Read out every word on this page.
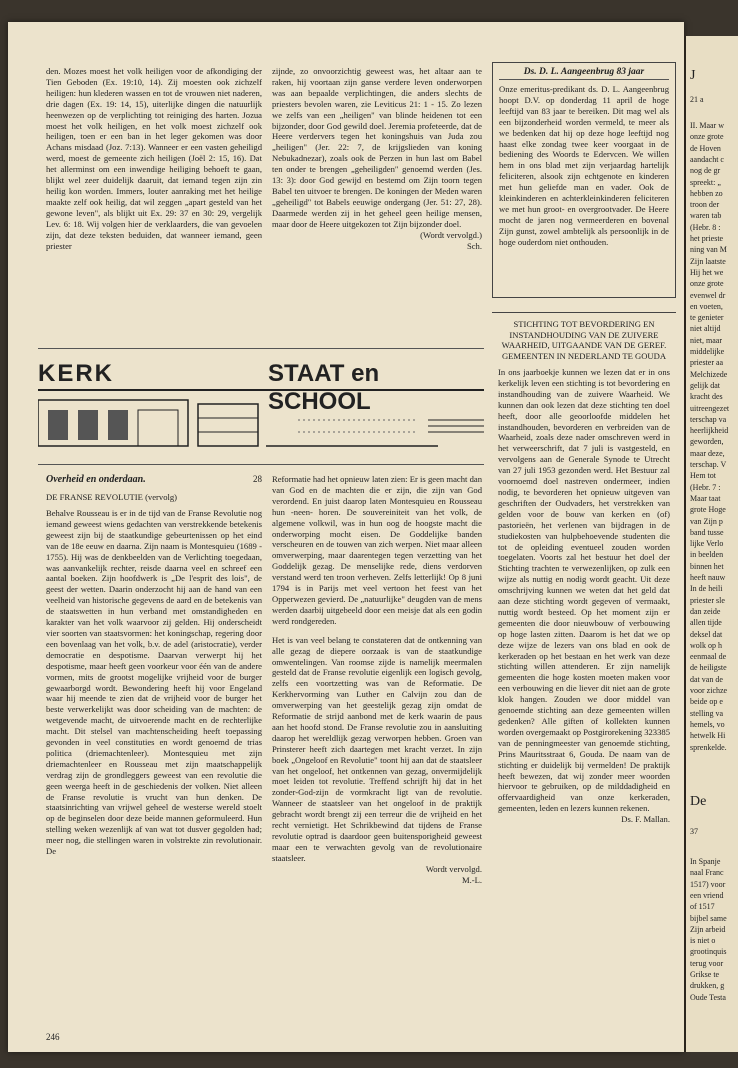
den. Mozes moest het volk heiligen voor de afkondiging der Tien Geboden (Ex. 19:10, 14). Zij moesten ook zichzelf heiligen: hun klederen wassen en tot de vrouwen niet naderen, drie dagen (Ex. 19: 14, 15), uiterlijke dingen die natuurlijk heenwezen op de verplichting tot reiniging des harten. Jozua moest het volk heiligen, en het volk moest zichzelf ook heiligen, toen er een ban in het leger gekomen was door Achans misdaad (Joz. 7:13). Wanneer er een vasten geheiligd werd, moest de gemeente zich heiligen (Joël 2: 15, 16). Dat het allerminst om een inwendige heiliging behoeft te gaan, blijkt wel zeer duidelijk daaruit, dat iemand tegen zijn zin heilig kon worden. Immers, louter aanraking met het heilige maakte zelf ook heilig, dat wil zeggen „apart gesteld van het gewone leven", als blijkt uit Ex. 29: 37 en 30: 29, vergelijk Lev. 6: 18. Wij volgen hier de verklaarders, die van gevoelen zijn, dat deze teksten beduiden, dat wanneer iemand, geen priester

zijnde, zo onvoorzichtig geweest was, het altaar aan te raken, hij voortaan zijn ganse verdere leven onderworpen was aan bepaalde verplichtingen, die anders slechts de priesters bevolen waren, zie Leviticus 21: 1 - 15. Zo lezen we zelfs van een „heiligen" van blinde heidenen tot een bijzonder, door God gewild doel. Jeremia profeteerde, dat de Heere verdervers tegen het koningshuis van Juda zou „heiligen" (Jer. 22: 7, de krijgslieden van koning Nebukadnezar), zoals ook de Perzen in hun last om Babel ten onder te brengen „geheiligden" genoemd werden (Jes. 13: 3): door God gewijd en bestemd om Zijn toorn tegen Babel ten uitvoer te brengen. De koningen der Meden waren „geheiligd" tot Babels eeuwige ondergang (Jer. 51: 27, 28). Daarmede werden zij in het geheel geen heilige mensen, maar door de Heere uitgekozen tot Zijn bijzonder doel.

(Wordt vervolgd.)

Sch.

Ds. D. L. Aangeenbrug 83 jaar
Onze emeritus-predikant ds. D. L. Aangeenbrug hoopt D.V. op donderdag 11 april de hoge leeftijd van 83 jaar te bereiken. Dit mag wel als een bijzonderheid worden vermeld, te meer als we bedenken dat hij op deze hoge leeftijd nog haast elke zondag twee keer voorgaat in de bediening des Woords te Edervcen. We willen hem in ons blad met zijn verjaardag hartelijk feliciteren, alsook zijn echtgenote en kinderen met hun geliefde man en vader. Ook de kleinkinderen en achterkleinkinderen feliciteren we met hun groot- en overgrootvader. De Heere mocht de jaren nog vermeerderen en bovenal Zijn gunst, zowel ambtelijk als persoonlijk in de hoge ouderdom niet onthouden.
KERK	STAAT en SCHOOL
Overheid en onderdaan.	28
DE FRANSE REVOLUTIE (vervolg)
Behalve Rousseau is er in de tijd van de Franse Revolutie nog iemand geweest wiens gedachten van verstrekkende betekenis geweest zijn bij de staatkundige gebeurtenissen op het eind van de 18e eeuw en daarna. Zijn naam is Montesquieu (1689 - 1755). Hij was de denkbeelden van de Verlichting toegedaan, was aanvankelijk rechter, reisde daarna veel en schreef een aantal boeken. Zijn hoofdwerk is „De l'esprit des lois", de geest der wetten. Daarin onderzocht hij aan de hand van een veelheid van historische gegevens de aard en de betekenis van de staatswetten in hun verband met omstandigheden en karakter van het volk waarvoor zij gelden. Hij onderscheidt vier soorten van staatsvormen: het koningschap, regering door een bovenlaag van het volk, b.v. de adel (aristocratie), verder democratie en despotisme. Daarvan verwerpt hij het despotisme, maar heeft geen voorkeur voor één van de andere vormen, mits de grootst mogelijke vrijheid voor de burger gewaarborgd wordt. Bewondering heeft hij voor Engeland waar hij meende te zien dat de vrijheid voor de burger het beste verwerkelijkt was door scheiding van de machten: de wetgevende macht, de uitvoerende macht en de rechterlijke macht. Dit stelsel van machtenscheiding heeft toepassing gevonden in veel constituties en wordt genoemd de trias politica (driemachtenleer). Montesquieu met zijn driemachtenleer en Rousseau met zijn maatschappelijk verdrag zijn de grondleggers geweest van een revolutie die geen weerga heeft in de geschiedenis der volken. Niet alleen de Franse revolutie is vrucht van hun denken. De staatsinrichting van vrijwel geheel de westerse wereld stoelt op de beginselen door deze beide mannen geformuleerd. Hun stelling weken wezenlijk af van wat tot dusver gegolden had; meer nog, die stellingen waren in volstrekte zin revolutionair. De

Reformatie had het opnieuw laten zien: Er is geen macht dan van God en de machten die er zijn, die zijn van God verordend. En juist daarop laten Montesquieu en Rousseau hun -neen- horen. De souvereiniteit van het volk, de algemene volkwil, was in hun oog de hoogste macht die onderworping mocht eisen. De Goddelijke banden verscheuren en de touwen van zich werpen. Niet maar alleen omverwerping, maar daarentegen tegen verzetting van het Goddelijk gezag. De menselijke rede, diens verdorven verstand werd ten troon verheven. Zelfs letterlijk! Op 8 juni 1794 is in Parijs met veel vertoon het feest van het Opperwezen gevierd. De „natuurlijke" deugden van de mens werden daarbij uitgebeeld door een meisje dat als een godin werd rondgereden.

Het is van veel belang te constateren dat de ontkenning van alle gezag de diepere oorzaak is van de staatkundige omwentelingen. Van roomse zijde is namelijk meermalen gesteld dat de Franse revolutie eigenlijk een logisch gevolg, zelfs een voortzetting was van de Reformatie. De Kerkhervorming van Luther en Calvijn zou dan de omverwerping van het geestelijk gezag zijn omdat de Reformatie de strijd aanbond met de kerk waarin de paus aan het hoofd stond. De Franse revolutie zou in aansluiting daarop het wereldlijk gezag verworpen hebben. Groen van Prinsterer heeft zich daartegen met kracht verzet. In zijn boek „Ongeloof en Revolutie" toont hij aan dat de staatsleer van het ongeloof, het ontkennen van gezag, onvermijdelijk moet leiden tot revolutie. Treffend schrijft hij dat in het zonder-God-zijn de vormkracht ligt van de revolutie. Wanneer de staatsleer van het ongeloof in de praktijk gebracht wordt brengt zij een terreur die de vrijheid en het recht vernietigt. Het Schrikbewind dat tijdens de Franse revolutie optrad is daardoor geen buitensporigheid geweest maar een te verwachten gevolg van de revolutionaire staatsleer.

Wordt vervolgd.

M.-L.

STICHTING TOT BEVORDERING EN INSTANDHOUDING VAN DE ZUIVERE WAARHEID, UITGAANDE VAN DE GEREF. GEMEENTEN IN NEDERLAND TE GOUDA
In ons jaarboekje kunnen we lezen dat er in ons kerkelijk leven een stichting is tot bevordering en instandhouding van de zuivere Waarheid. We kunnen dan ook lezen dat deze stichting ten doel heeft, door alle geoorloofde middelen het instandhouden, bevorderen en verbreiden van de Waarheid, zoals deze nader omschreven werd in het verweerschrift, dat 7 juli is vastgesteld, en vervolgens aan de Generale Synode te Utrecht van 27 juli 1953 gezonden werd. Het Bestuur zal voornoemd doel nastreven ondermeer, indien nodig, te bevorderen het opnieuw uitgeven van geschriften der Oudvaders, het verstrekken van gelden voor de bouw van kerken en (of) pastorieën, het verlenen van bijdragen in de studiekosten van hulpbehoevende studenten die tot de opleiding eventueel zouden worden toegelaten. Voorts zal het bestuur het doel der Stichting trachten te verwezenlijken, op zulk een wijze als nuttig en nodig wordt geacht. Uit deze omschrijving kunnen we weten dat het geld dat aan deze stichting wordt gegeven of vermaakt, nuttig wordt besteed. Op het moment zijn er gemeenten die door nieuwbouw of verbouwing op hoge lasten zitten. Daarom is het dat we op deze wijze de lezers van ons blad en ook de kerkeraden op het bestaan en het werk van deze stichting willen attenderen. Er zijn namelijk gemeenten die hoge kosten moeten maken voor een verbouwing en die liever dit niet aan de grote klok hangen. Zouden we door middel van genoemde stichting aan deze gemeenten willen gedenken? Alle giften of kollekten kunnen worden overgemaakt op Postgirorekening 323385 van de penningmeester van genoemde stichting, Prins Mauritsstraat 6, Gouda. De naam van de stichting er duidelijk bij vermelden! De praktijk heeft bewezen, dat wij zonder meer woorden hiervoor te gebruiken, op de milddadigheid en offervaardigheid van onze kerkeraden, gemeenten, leden en lezers kunnen rekenen.
Ds. F. Mallan.
246
J
21 a
II. Maar w
onze grote
de Hoven
aandacht c
nog de gr
spreekt: „
hebben zo
troon der
waren tab
(Hebr. 8 :
het prieste
ning van M
Zijn laatste
Hij het we
onze grote
evenwel dr
en voeten,
te genieter
niet altijd
niet, maar
middelijke
priester aa
Melchizede
gelijk dat
kracht des
uitreengezet
terschap va
heerlijkheid
geworden,
maar deze,
terschap. V
Hem tot
(Hebr. 7 :
Maar taat
grote Hoge
van Zijn p
band tusse
lijke Verlo
in beelden
binnen het
heeft nauw
In de heili
priester sle
dan zeide
allen tijde
deksel dat
wolk op h
eenmaal de
de heiligste
dat van de
voor zichze
beide op e
stelling va
hemels, vo
hetwelk Hi
sprenkelde.
De
37
In Spanje
naal Franc
1517) voor
een vriend
of 1517
bijbel same
Zijn arbeid
is niet o
grootinquis
terug voor
Grikse te
drukken, g
Oude Testa
